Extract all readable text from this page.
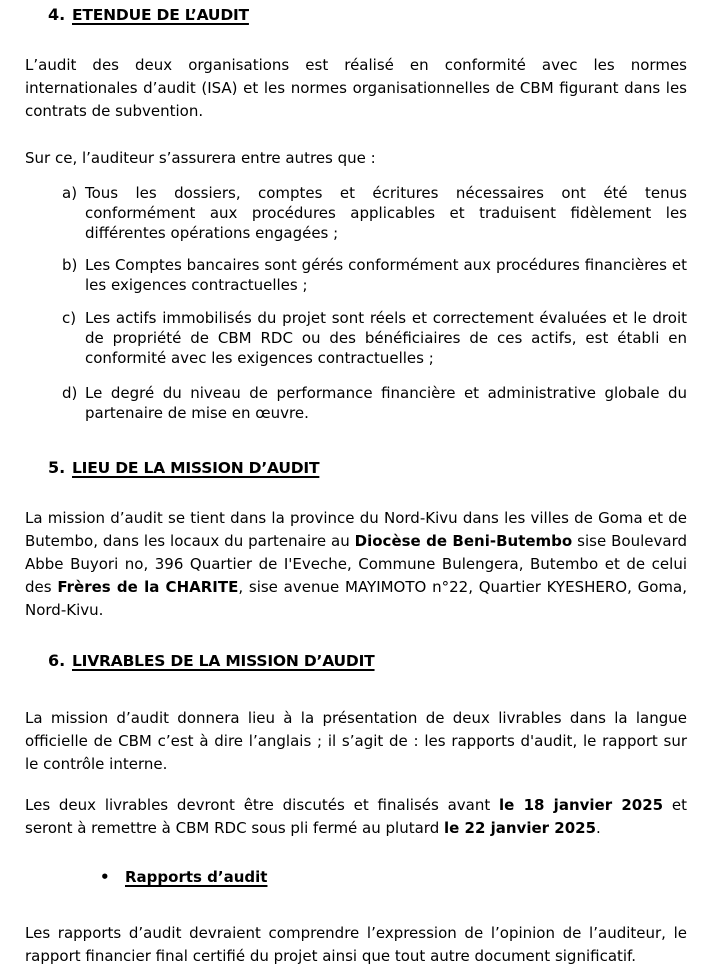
4. ETENDUE DE L’AUDIT

L’audit des deux organisations est réalisé en conformité avec les normes internationales d’audit (ISA) et les normes organisationnelles de CBM figurant dans les contrats de subvention.

Sur ce, l’auditeur s’assurera entre autres que :

a) Tous les dossiers, comptes et écritures nécessaires ont été tenus conformément aux procédures applicables et traduisent fidèlement les différentes opérations engagées ;
b) Les Comptes bancaires sont gérés conformément aux procédures financières et les exigences contractuelles ;
c) Les actifs immobilisés du projet sont réels et correctement évaluées et le droit de propriété de CBM RDC ou des bénéficiaires de ces actifs, est établi en conformité avec les exigences contractuelles ;
d) Le degré du niveau de performance financière et administrative globale du partenaire de mise en œuvre.
5. LIEU DE LA MISSION D’AUDIT

La mission d’audit se tient dans la province du Nord-Kivu dans les villes de Goma et de Butembo, dans les locaux du partenaire au Diocèse de Beni-Butembo sise Boulevard Abbe Buyori no, 396 Quartier de I'Eveche, Commune Bulengera, Butembo et de celui des Frères de la CHARITE, sise avenue MAYIMOTO n°22, Quartier KYESHERO, Goma, Nord-Kivu.

6. LIVRABLES DE LA MISSION D’AUDIT

La mission d’audit donnera lieu à la présentation de deux livrables dans la langue officielle de CBM c’est à dire l’anglais ; il s’agit de : les rapports d'audit, le rapport sur le contrôle interne.

Les deux livrables devront être discutés et finalisés avant le 18 janvier 2025 et seront à remettre à CBM RDC sous pli fermé au plutard le 22 janvier 2025.

•	Rapports d’audit

Les rapports d’audit devraient comprendre l’expression de l’opinion de l’auditeur, le rapport financier final certifié du projet ainsi que tout autre document significatif.
